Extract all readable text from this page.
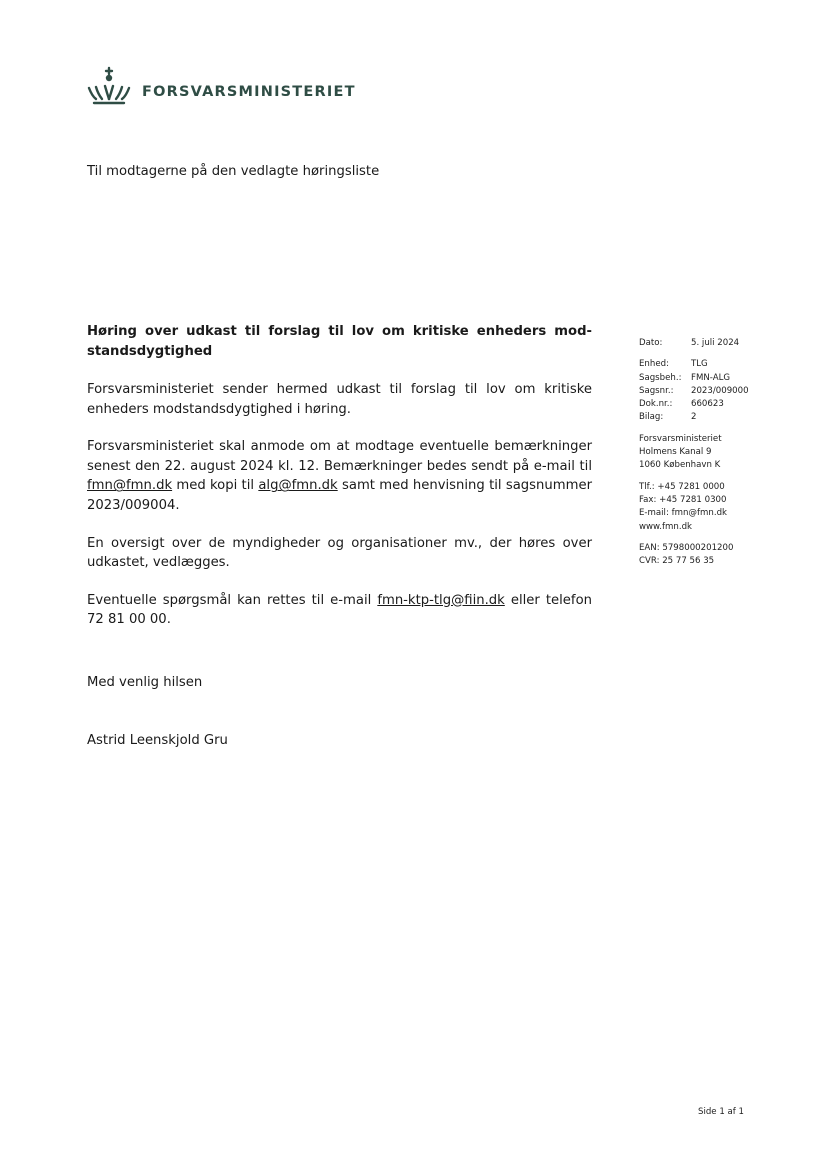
FORSVARSMINISTERIET
Til modtagerne på den vedlagte høringsliste

Høring over udkast til forslag til lov om kritiske enheders mod-standsdygtighed

Forsvarsministeriet sender hermed udkast til forslag til lov om kritiske enheders modstandsdygtighed i høring.

Forsvarsministeriet skal anmode om at modtage eventuelle bemærkninger senest den 22. august 2024 kl. 12. Bemærkninger bedes sendt på e-mail til fmn@fmn.dk med kopi til alg@fmn.dk samt med henvisning til sagsnummer 2023/009004.

En oversigt over de myndigheder og organisationer mv., der høres over udkastet, vedlægges.

Eventuelle spørgsmål kan rettes til e-mail fmn-ktp-tlg@fiin.dk eller telefon 72 81 00 00.

Med venlig hilsen
Astrid Leenskjold Gru
Dato:	5. juli 2024
Enhed:	TLG
Sagsbeh.:	FMN-ALG
Sagsnr.:	2023/009000
Dok.nr.:	660623
Bilag:	2
Forsvarsministeriet
Holmens Kanal 9
1060 København K
Tlf.: +45 7281 0000
Fax: +45 7281 0300
E-mail: fmn@fmn.dk
www.fmn.dk
EAN: 5798000201200
CVR: 25 77 56 35
Side 1 af 1
